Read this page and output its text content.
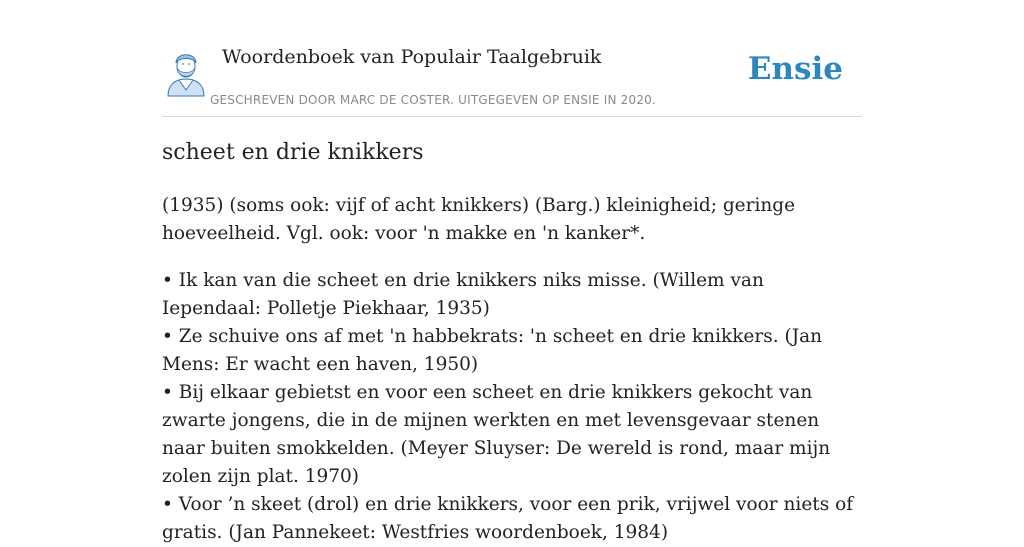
Woordenboek van Populair Taalgebruik
GESCHREVEN DOOR MARC DE COSTER. UITGEGEVEN OP ENSIE IN 2020.
Ensie
scheet en drie knikkers

(1935) (soms ook: vijf of acht knikkers) (Barg.) kleinigheid; geringe hoeveelheid. Vgl. ook: voor 'n makke en 'n kanker*.

• Ik kan van die scheet en drie knikkers niks misse. (Willem van Iependaal: Polletje Piekhaar, 1935)
• Ze schuive ons af met 'n habbekrats: 'n scheet en drie knikkers. (Jan Mens: Er wacht een haven, 1950)
• Bij elkaar gebietst en voor een scheet en drie knikkers gekocht van zwarte jongens, die in de mijnen werkten en met levensgevaar stenen naar buiten smokkelden. (Meyer Sluyser: De wereld is rond, maar mijn zolen zijn plat. 1970)
• Voor ’n skeet (drol) en drie knikkers, voor een prik, vrijwel voor niets of gratis. (Jan Pannekeet: Westfries woordenboek, 1984)
